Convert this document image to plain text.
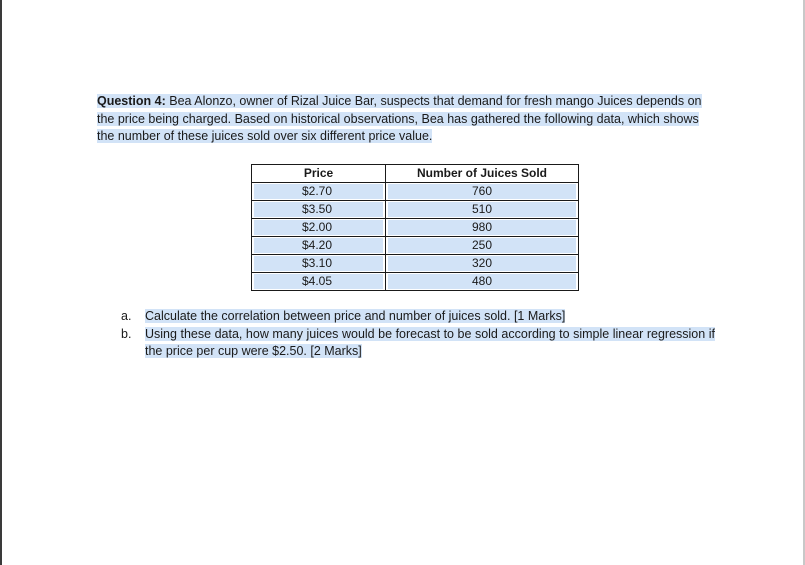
Question 4: Bea Alonzo, owner of Rizal Juice Bar, suspects that demand for fresh mango Juices depends on the price being charged. Based on historical observations, Bea has gathered the following data, which shows the number of these juices sold over six different price value.

Price	Number of Juices Sold

$2.70	760

$3.50	510

$2.00	980

$4.20	250

$3.10	320

$4.05	480
a. Calculate the correlation between price and number of juices sold. [1 Marks]
b. Using these data, how many juices would be forecast to be sold according to simple linear regression if the price per cup were $2.50. [2 Marks]
